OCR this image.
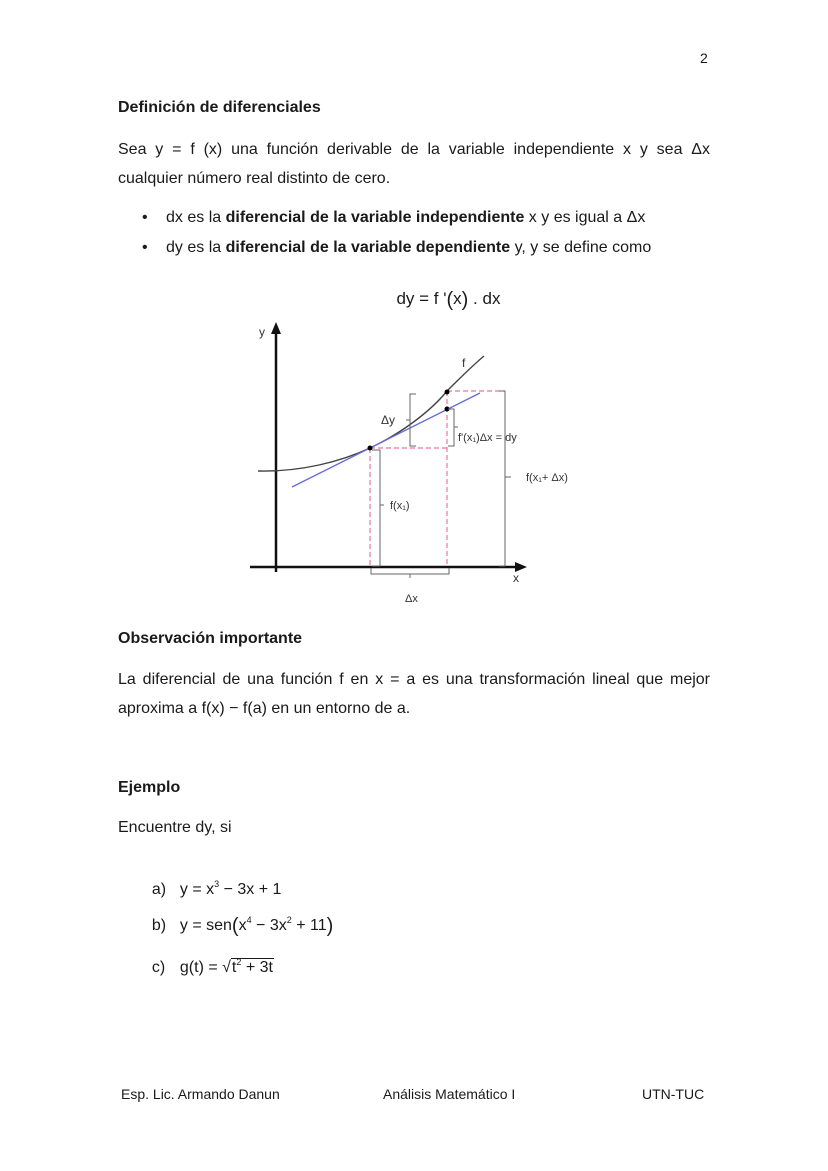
2
Definición de diferenciales
Sea y = f (x) una función derivable de la variable independiente x y sea Δx
cualquier número real distinto de cero.
• dx es la diferencial de la variable independiente x y es igual a Δx
• dy es la diferencial de la variable dependiente y, y se define como

dy = f '(x) . dx

y
x
f
Δy
f'(x₁)Δx = dy
f(x₁)
f(x₁+ Δx)
Δx
Observación importante
La diferencial de una función f en x = a es una transformación lineal que mejor
aproxima a f(x) − f(a) en un entorno de a.
Ejemplo
Encuentre dy, si

a) $y = x^3 - 3x + 1$

b) $y = sen(x^4 - 3x^2 + 11)$

c) $g(t) = √t^2 + 3t$

Esp. Lic. Armando Danun	Análisis Matemático I	UTN-TUC
